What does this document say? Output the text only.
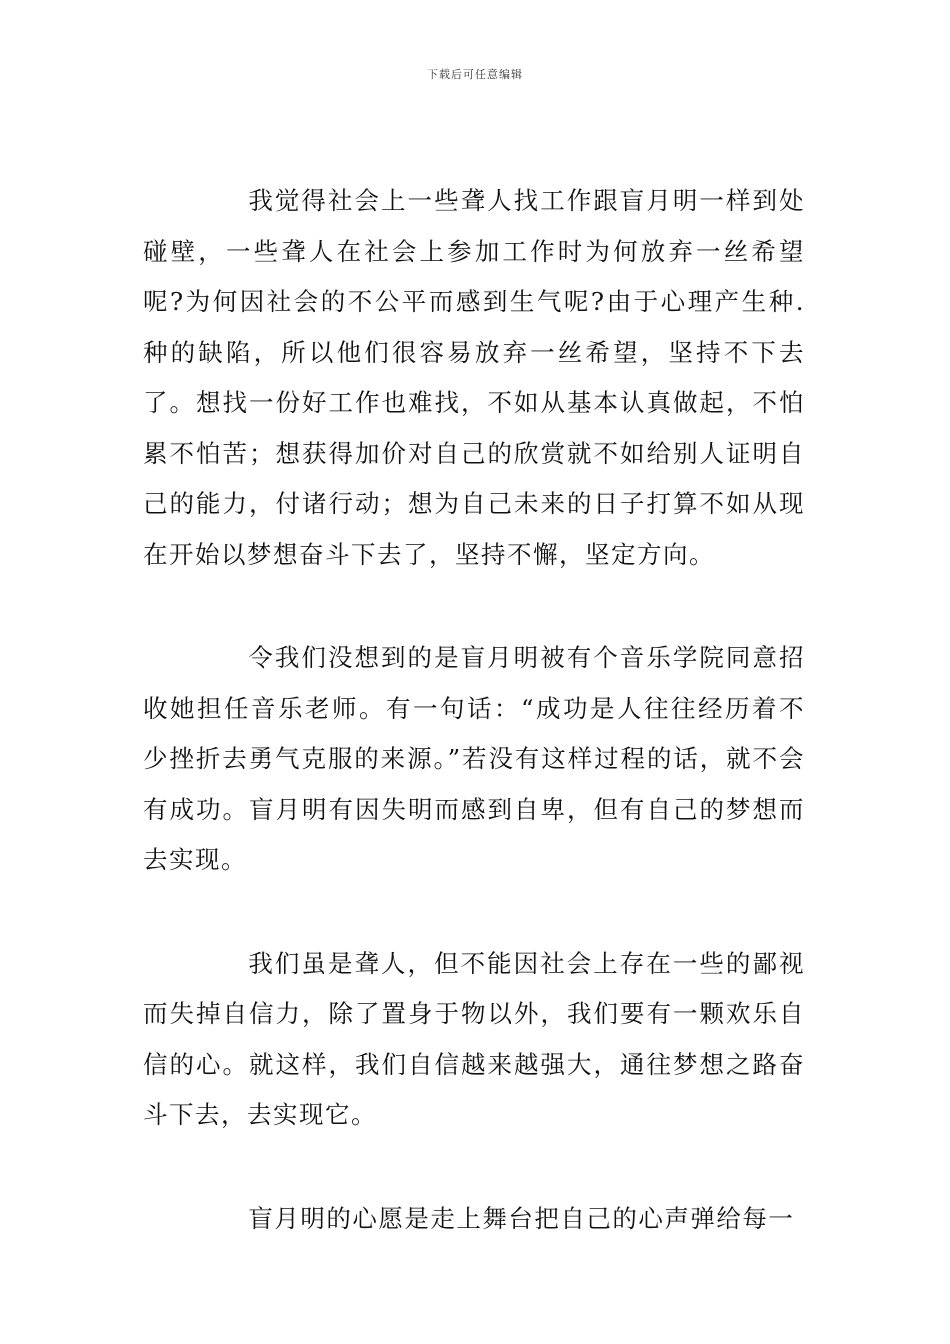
下载后可任意编辑

我觉得社会上一些聋人找工作跟盲月明一样到处碰壁，一些聋人在社会上参加工作时为何放弃一丝希望呢?为何因社会的不公平而感到生气呢?由于心理产生种.种的缺陷，所以他们很容易放弃一丝希望，坚持不下去了。想找一份好工作也难找，不如从基本认真做起，不怕累不怕苦；想获得加价对自己的欣赏就不如给别人证明自己的能力，付诸行动；想为自己未来的日子打算不如从现在开始以梦想奋斗下去了，坚持不懈，坚定方向。

令我们没想到的是盲月明被有个音乐学院同意招收她担任音乐老师。有一句话：“成功是人往往经历着不少挫折去勇气克服的来源。”若没有这样过程的话，就不会有成功。盲月明有因失明而感到自卑，但有自己的梦想而去实现。

我们虽是聋人，但不能因社会上存在一些的鄙视而失掉自信力，除了置身于物以外，我们要有一颗欢乐自信的心。就这样，我们自信越来越强大，通往梦想之路奋斗下去，去实现它。

盲月明的心愿是走上舞台把自己的心声弹给每一
